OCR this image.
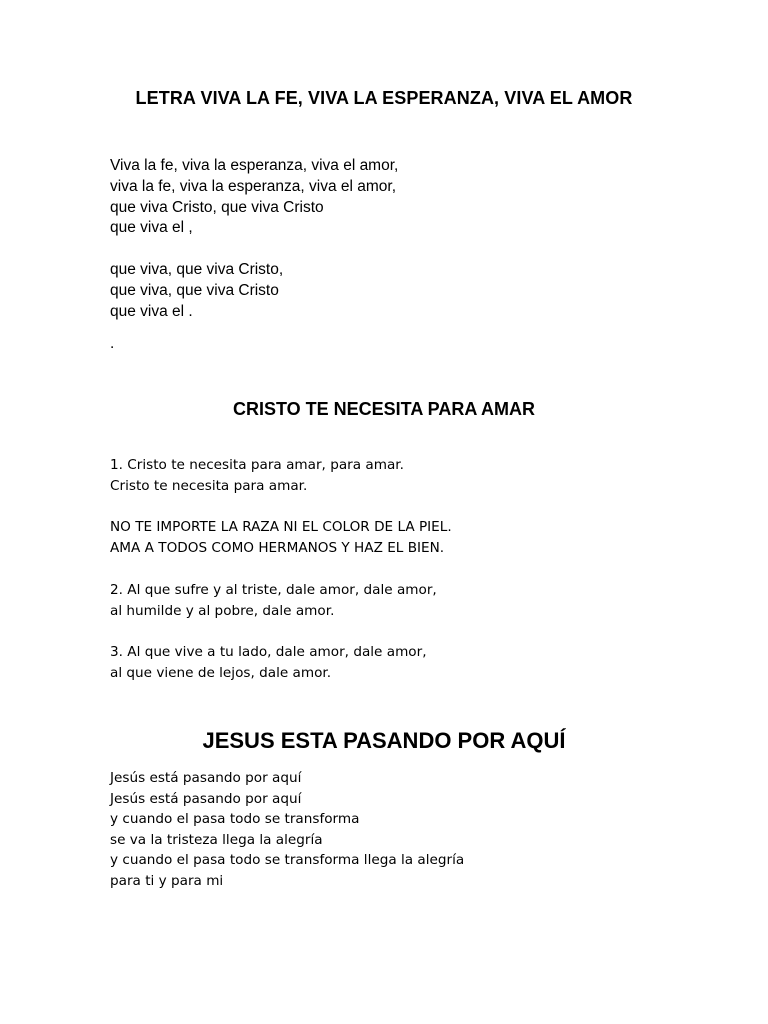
LETRA VIVA LA FE, VIVA LA ESPERANZA, VIVA EL AMOR
Viva la fe, viva la esperanza, viva el amor,
viva la fe, viva la esperanza, viva el amor,
que viva Cristo, que viva Cristo
que viva el ,
que viva, que viva Cristo,
que viva, que viva Cristo
que viva el .
.
CRISTO TE NECESITA PARA AMAR
1. Cristo te necesita para amar, para amar.
Cristo te necesita para amar.
NO TE IMPORTE LA RAZA NI EL COLOR DE LA PIEL.
AMA A TODOS COMO HERMANOS Y HAZ EL BIEN.
2. Al que sufre y al triste, dale amor, dale amor,
al humilde y al pobre, dale amor.
3. Al que vive a tu lado, dale amor, dale amor,
al que viene de lejos, dale amor.
JESUS ESTA PASANDO POR AQUÍ
Jesús está pasando por aquí
Jesús está pasando por aquí
y cuando el pasa todo se transforma
se va la tristeza llega la alegría
y cuando el pasa todo se transforma llega la alegría
para ti y para mi
